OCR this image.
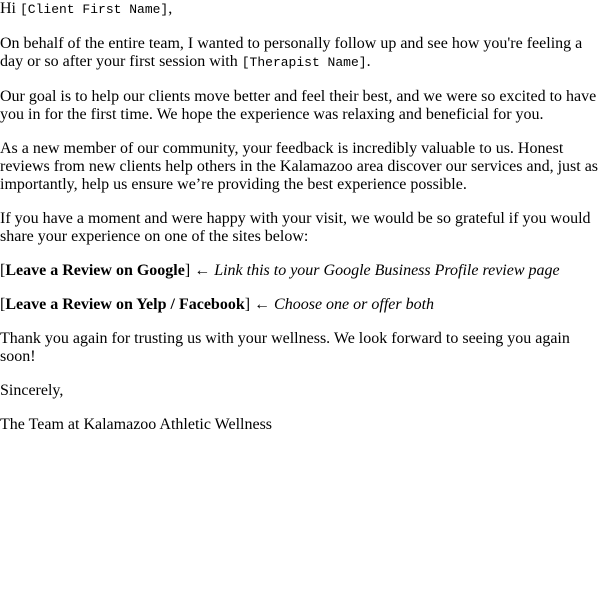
Hi [Client First Name],

On behalf of the entire team, I wanted to personally follow up and see how you're feeling a day or so after your first session with [Therapist Name].

Our goal is to help our clients move better and feel their best, and we were so excited to have you in for the first time. We hope the experience was relaxing and beneficial for you.

As a new member of our community, your feedback is incredibly valuable to us. Honest reviews from new clients help others in the Kalamazoo area discover our services and, just as importantly, help us ensure we’re providing the best experience possible.

If you have a moment and were happy with your visit, we would be so grateful if you would share your experience on one of the sites below:

[Leave a Review on Google] ← Link this to your Google Business Profile review page

[Leave a Review on Yelp / Facebook] ← Choose one or offer both

Thank you again for trusting us with your wellness. We look forward to seeing you again soon!

Sincerely,

The Team at Kalamazoo Athletic Wellness
